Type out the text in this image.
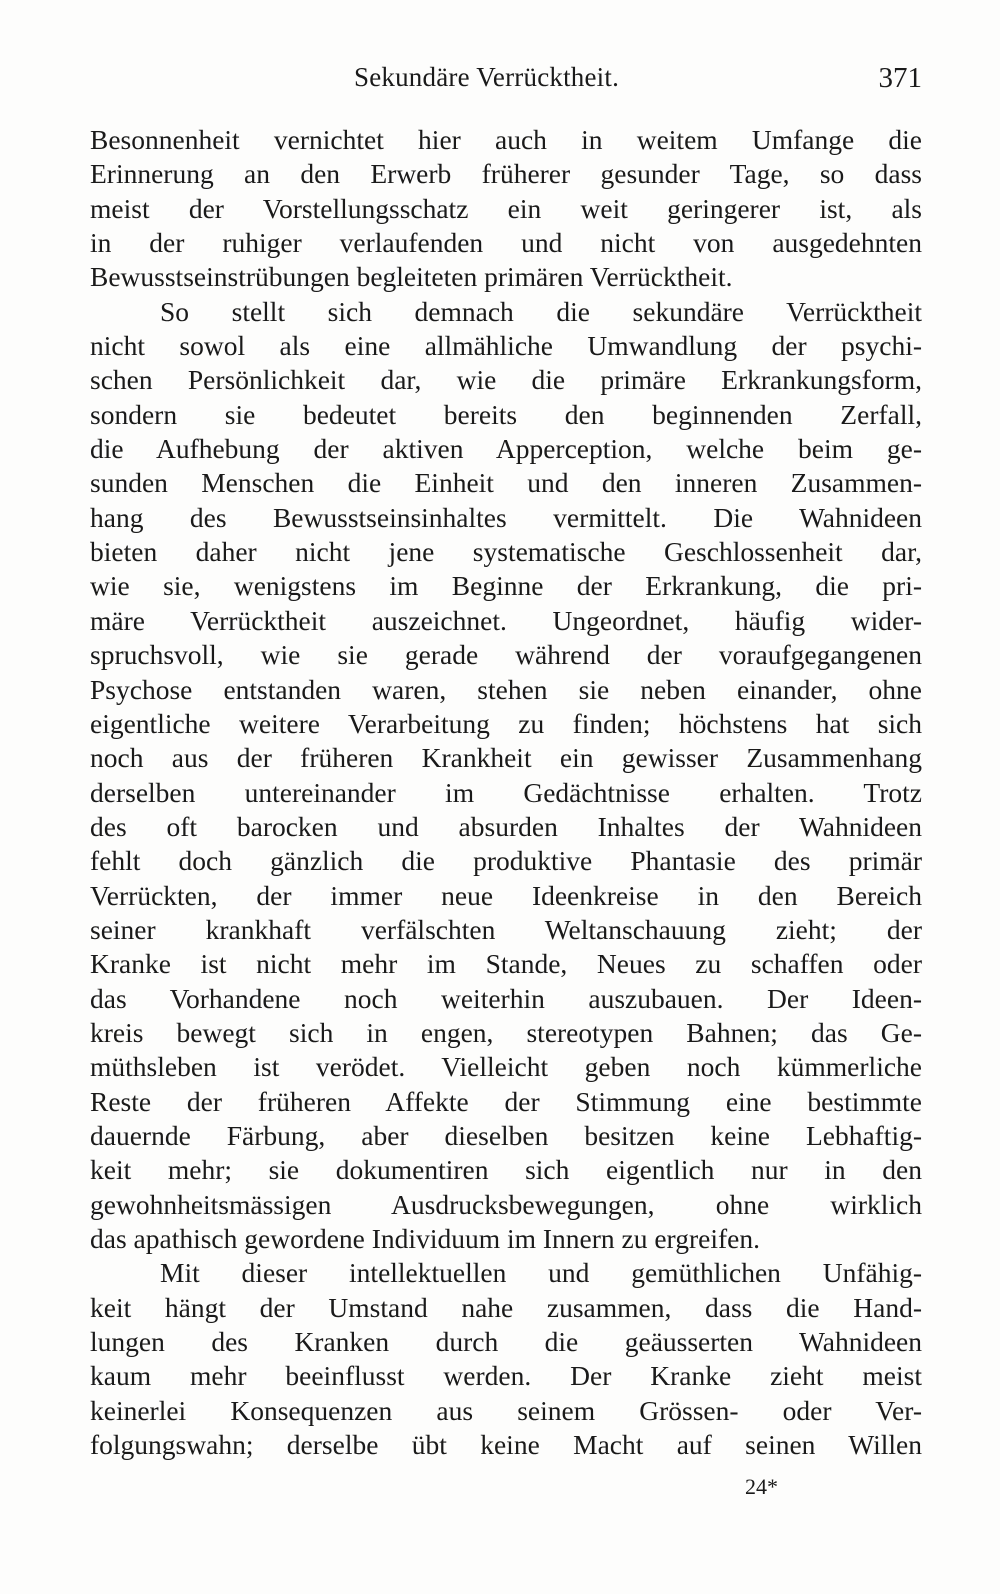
Sekundäre Verrücktheit.	371
Besonnenheit vernichtet hier auch in weitem Umfange die
Erinnerung an den Erwerb früherer gesunder Tage, so dass
meist der Vorstellungsschatz ein weit geringerer ist, als
in der ruhiger verlaufenden und nicht von ausgedehnten
Bewusstseinstrübungen begleiteten primären Verrücktheit.
So stellt sich demnach die sekundäre Verrücktheit
nicht sowol als eine allmähliche Umwandlung der psychi-
schen Persönlichkeit dar, wie die primäre Erkrankungsform,
sondern sie bedeutet bereits den beginnenden Zerfall,
die Aufhebung der aktiven Apperception, welche beim ge-
sunden Menschen die Einheit und den inneren Zusammen-
hang des Bewusstseinsinhaltes vermittelt. Die Wahnideen
bieten daher nicht jene systematische Geschlossenheit dar,
wie sie, wenigstens im Beginne der Erkrankung, die pri-
märe Verrücktheit auszeichnet. Ungeordnet, häufig wider-
spruchsvoll, wie sie gerade während der voraufgegangenen
Psychose entstanden waren, stehen sie neben einander, ohne
eigentliche weitere Verarbeitung zu finden; höchstens hat sich
noch aus der früheren Krankheit ein gewisser Zusammenhang
derselben untereinander im Gedächtnisse erhalten. Trotz
des oft barocken und absurden Inhaltes der Wahnideen
fehlt doch gänzlich die produktive Phantasie des primär
Verrückten, der immer neue Ideenkreise in den Bereich
seiner krankhaft verfälschten Weltanschauung zieht; der
Kranke ist nicht mehr im Stande, Neues zu schaffen oder
das Vorhandene noch weiterhin auszubauen. Der Ideen-
kreis bewegt sich in engen, stereotypen Bahnen; das Ge-
müthsleben ist verödet. Vielleicht geben noch kümmerliche
Reste der früheren Affekte der Stimmung eine bestimmte
dauernde Färbung, aber dieselben besitzen keine Lebhaftig-
keit mehr; sie dokumentiren sich eigentlich nur in den
gewohnheitsmässigen Ausdrucksbewegungen, ohne wirklich
das apathisch gewordene Individuum im Innern zu ergreifen.
Mit dieser intellektuellen und gemüthlichen Unfähig-
keit hängt der Umstand nahe zusammen, dass die Hand-
lungen des Kranken durch die geäusserten Wahnideen
kaum mehr beeinflusst werden. Der Kranke zieht meist
keinerlei Konsequenzen aus seinem Grössen- oder Ver-
folgungswahn; derselbe übt keine Macht auf seinen Willen
24*
